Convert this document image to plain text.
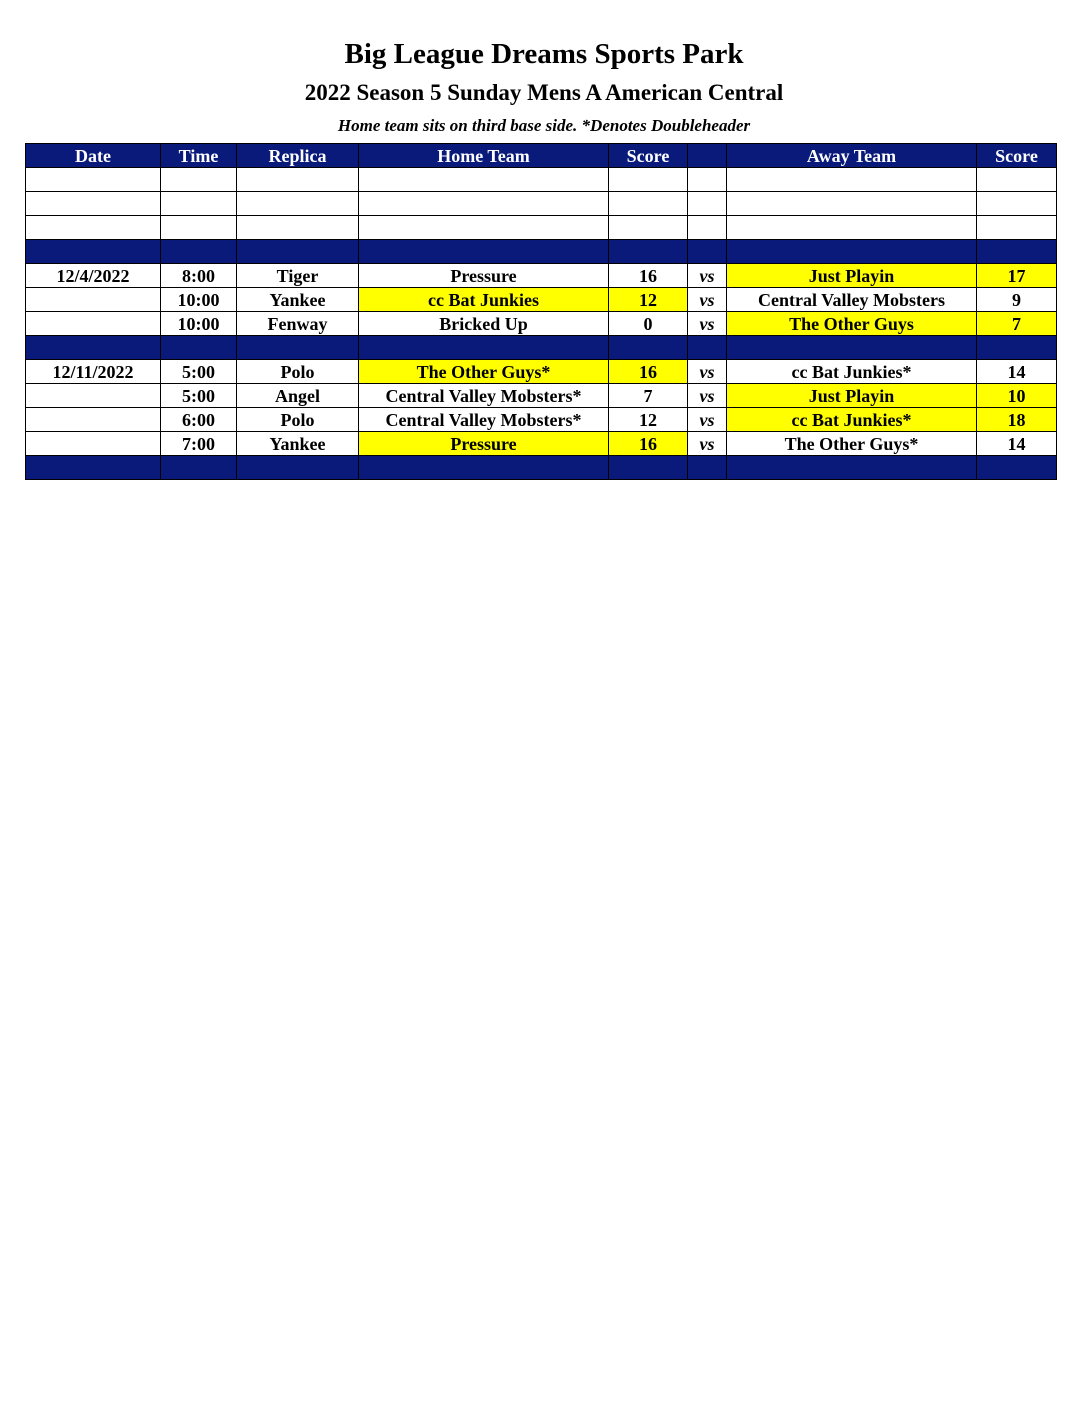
Big League Dreams Sports Park
2022 Season 5 Sunday Mens A American Central
Home team sits on third base side. *Denotes Doubleheader
Date	Time	Replica	Home Team	Score		Away Team	Score

12/4/2022	8:00	Tiger	Pressure	16	vs	Just Playin	17
	10:00	Yankee	cc Bat Junkies	12	vs	Central Valley Mobsters	9
	10:00	Fenway	Bricked Up	0	vs	The Other Guys	7

12/11/2022	5:00	Polo	The Other Guys*	16	vs	cc Bat Junkies*	14
	5:00	Angel	Central Valley Mobsters*	7	vs	Just Playin	10
	6:00	Polo	Central Valley Mobsters*	12	vs	cc Bat Junkies*	18
	7:00	Yankee	Pressure	16	vs	The Other Guys*	14
